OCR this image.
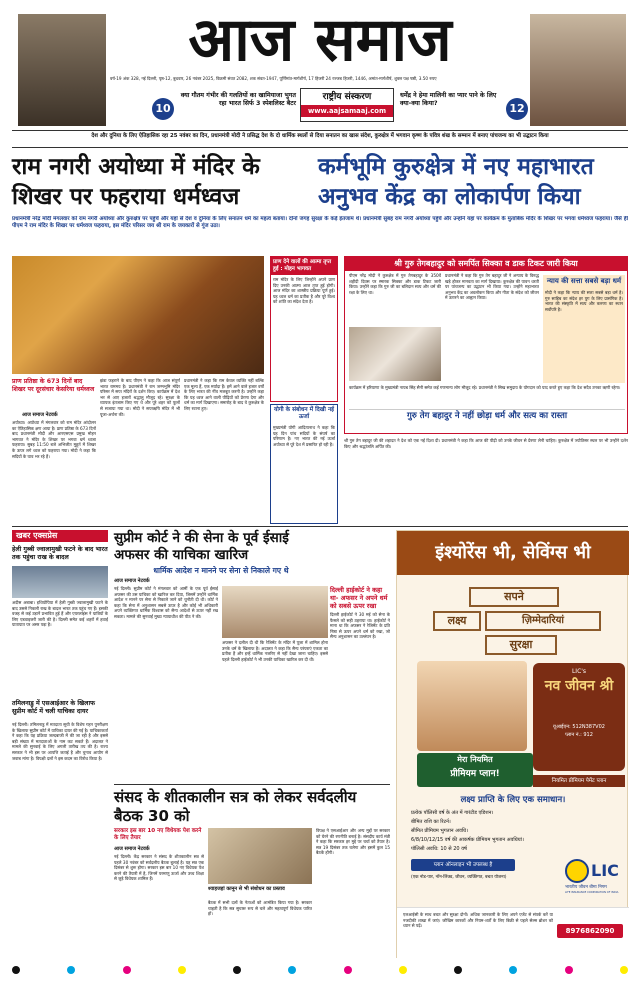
आज समाज
वर्ष-19 अंक 328, नई दिल्ली, पृष्ठ-12, बुधवार, 26 नवंबर 2025, विक्रमी संवत 2082, शक संवत-1947, पूर्णिमांत-मार्गशीर्ष, 17 हिजरी 24 रज्जब हिजरी, 1446, अमांत-मार्गशीर्ष, शुक्ल पक्ष षष्ठी, 3.50 रुपए
10
क्या गौतम गंभीर की गलतियों का खामियाजा भुगत रहा भारत सिर्फ 3 स्पेशलिस्ट बैटर
राष्ट्रीय संस्करण
www.aajsamaaj.com
धर्मेंद्र ने हेमा मालिनी का प्यार पाने के लिए क्या-क्या किया?	12
देश और दुनिया के लिए ऐतिहासिक रहा 25 नवंबर का दिन, प्रधानमंत्री मोदी ने प्रसिद्ध देश के दो धार्मिक स्थलों से दिया सनातन का खास संदेश, कुरुक्षेत्र में भगवान कृष्ण के पवित्र शंख के सम्मान में बनाए पांचजन्य का भी उद्घाटन किया
राम नगरी अयोध्या में मंदिर के शिखर पर फहराया धर्मध्वज
कर्मभूमि कुरुक्षेत्र में नए महाभारत अनुभव केंद्र का लोकार्पण किया
प्रधानमंत्री नरेंद्र मोदी मंगलवार को राम नगरी अयोध्या और कुरुक्षेत्र पर पहुंचे और यहां से देश व दुनिया के लिए सनातन धर्म का महत्व बताया। दोनों जगह सुरक्षा के कड़े इंतजाम थे। प्रधानमंत्री सुबह राम नगरी अयोध्या पहुंचे और उन्होंने यहां पर कार्यक्रम के मुताबिक मंदिर के शिखर पर भगवा धर्मध्वज फहराया। जैसे ही पीएम ने राम मंदिर के शिखर पर धर्मध्वज फहराया, इस मंदिर परिसर जय श्री राम के जयकारों से गूंज उठा।
प्राण प्रतिष्ठा के 673 दिनों बाद शिखर पर दूरसंचार केसरिया धर्मध्वज
आज समाज नेटवर्क
अयोध्या। अयोध्या में मंगलवार को राम मंदिर आंदोलन का ऐतिहासिक क्षण आया है। प्राण प्रतिष्ठा के 673 दिनों बाद प्रधानमंत्री मोदी और आरएसएस प्रमुख मोहन भागवत ने मंदिर के शिखर पर भगवा धर्म ध्वजा फहराया। सुबह 11:50 बजे अभिजीत मुहूर्त में शिखर के ऊपर लगे ध्वज को फहराया गया। मोदी ने कहा कि सदियों के घाव भर रहे हैं।
झंडा फहराने के बाद पीएम ने कहा कि आज संपूर्ण भारत राममय है। प्रधानमंत्री ने राम जन्मभूमि मंदिर परिसर में सप्त मंदिरों के दर्शन किए। कार्यक्रम में देश भर से आए हजारों श्रद्धालु मौजूद रहे। सुरक्षा के व्यापक इंतजाम किए गए थे और पूरे शहर को फूलों से सजाया गया था। मोदी ने सप्तऋषि मंदिर में भी पूजा-अर्चना की।
प्रधानमंत्री ने कहा कि राम केवल व्यक्ति नहीं बल्कि एक मूल्य हैं, एक मर्यादा हैं। हमें आने वाले हजार वर्षों के लिए भारत की नींव मजबूत करनी है। उन्होंने कहा कि यह ध्वज आने वाली पीढ़ियों को प्रेरणा देगा और धर्म का मार्ग दिखाएगा। समारोह के बाद वे कुरुक्षेत्र के लिए रवाना हुए।
प्राण देने वालों की आत्मा तृप्त हुई : मोहन भागवत
राम मंदिर के लिए जिन्होंने अपने प्राण दिए उनकी आत्मा आज तृप्त हुई होगी। आज मंदिर का शास्त्रीय प्रक्रिया पूर्ण हुई। यह ध्वज धर्म का प्रतीक है और पूरे विश्व को शांति का संदेश देता है।
योगी के संबोधन में दिखी नई ऊर्जा
मुख्यमंत्री योगी आदित्यनाथ ने कहा कि यह दिन पांच सदियों के संघर्ष का परिणाम है। नए भारत की नई ऊर्जा अयोध्या से पूरे देश में प्रसारित हो रही है।
श्री गुरु तेगबहादुर को समर्पित सिक्का व डाक टिकट जारी किया
पीएम नरेंद्र मोदी ने कुरुक्षेत्र में गुरु तेगबहादुर के 350वें शहीदी दिवस पर स्मारक सिक्का और डाक टिकट जारी किया। उन्होंने कहा कि गुरु जी का बलिदान सत्य और धर्म की रक्षा के लिए था।
प्रधानमंत्री ने कहा कि गुरु तेग बहादुर जी ने अन्याय के विरुद्ध खड़े होकर मानवता का मार्ग दिखाया। कुरुक्षेत्र की पावन धरती पर पांचजन्य का उद्घाटन भी किया गया। उन्होंने महाभारत अनुभव केंद्र का अवलोकन किया और गीता के संदेश को जीवन में उतारने का आह्वान किया।
न्याय की सत्ता सबसे बड़ा धर्म
मोदी ने कहा कि न्याय की सत्ता सबसे बड़ा धर्म है। गुरु साहिब का संदेश हर युग के लिए प्रासंगिक है। भारत की संस्कृति में सत्य और करुणा का स्थान सर्वोपरि है।
कार्यक्रम में हरियाणा के मुख्यमंत्री नायब सिंह सैनी समेत कई गणमान्य लोग मौजूद रहे। प्रधानमंत्री ने सिख समुदाय के योगदान को याद करते हुए कहा कि देश सदैव उनका ऋणी रहेगा।
गुरु तेग बहादुर ने नहीं छोड़ा धर्म और सत्य का रास्ता
श्री गुरु तेग बहादुर जी की शहादत ने देश को एक नई दिशा दी। प्रधानमंत्री ने कहा कि आज की पीढ़ी को उनके जीवन से प्रेरणा लेनी चाहिए। कुरुक्षेत्र में ज्योतिसर स्थल पर भी उन्होंने दर्शन किए और श्रद्धांजलि अर्पित की।
खबर एक्सप्रेस
हेली गुब्बी ज्वालामुखी फटने के बाद भारत तक पहुंचा राख के बादल
अदीस अबाबा। इथियोपिया में हेली गुब्बी ज्वालामुखी फटने के बाद उससे निकली राख के बादल भारत तक पहुंच गए हैं। इसकी वजह से कई उड़ानें प्रभावित हुई हैं और एयरलाइंस ने यात्रियों के लिए एडवाइजरी जारी की है। दिल्ली समेत कई शहरों में हवाई यातायात पर असर पड़ा है।
तमिलनाडु में एसआईआर के खिलाफ सुप्रीम कोर्ट में चली याचिका दायर
नई दिल्ली। तमिलनाडु में मतदाता सूची के विशेष गहन पुनरीक्षण के खिलाफ सुप्रीम कोर्ट में याचिका दायर की गई है। याचिकाकर्ता ने कहा कि यह प्रक्रिया जल्दबाजी में की जा रही है और इससे बड़ी संख्या में मतदाताओं के नाम कट सकते हैं। अदालत ने मामले की सुनवाई के लिए अगली तारीख तय की है। राज्य सरकार ने भी इस पर आपत्ति जताई है और चुनाव आयोग से जवाब मांगा है। विपक्षी दलों ने इस कदम का विरोध किया है।
सुप्रीम कोर्ट ने की सेना के पूर्व ईसाई अफसर की याचिका खारिज
धार्मिक आदेश न मानने पर सेना से निकाले गए थे
आज समाज नेटवर्क
नई दिल्ली। सुप्रीम कोर्ट ने मंगलवार को आर्मी के एक पूर्व ईसाई अफसर की उस याचिका को खारिज कर दिया, जिसमें उन्होंने धार्मिक आदेश न मानने पर सेना से निकाले जाने को चुनौती दी थी। कोर्ट ने कहा कि सेना में अनुशासन सबसे ऊपर है और कोई भी अधिकारी अपने व्यक्तिगत धार्मिक विश्वास को सैन्य आदेशों से ऊपर नहीं रख सकता। मामले की सुनवाई मुख्य न्यायाधीश की पीठ ने की।
अफसर ने दलील दी थी कि रेजिमेंट के मंदिर में पूजा में शामिल होना उनके धर्म के खिलाफ है। अदालत ने कहा कि सैन्य परंपराएं एकता का प्रतीक हैं और इन्हें धार्मिक नजरिए से नहीं देखा जाना चाहिए। इससे पहले दिल्ली हाईकोर्ट ने भी उनकी याचिका खारिज कर दी थी।
दिल्ली हाईकोर्ट ने कहा था- अफसर ने अपने धर्म को सबसे ऊपर रखा
दिल्ली हाईकोर्ट ने 30 मई को सेना के फैसले को सही ठहराया था। हाईकोर्ट ने माना था कि अफसर ने रेजिमेंट के प्रति निष्ठा से ऊपर अपने धर्म को रखा, जो सैन्य अनुशासन का उल्लंघन है।
संसद के शीतकालीन सत्र को लेकर सर्वदलीय बैठक 30 को
सरकार इस बार 10 नए विधेयक पेश करने के लिए तैयार
आज समाज नेटवर्क
नई दिल्ली। केंद्र सरकार ने संसद के शीतकालीन सत्र से पहले 30 नवंबर को सर्वदलीय बैठक बुलाई है। यह सत्र एक दिसंबर से शुरू होगा। सरकार इस बार 10 नए विधेयक पेश करने की तैयारी में है, जिनमें परमाणु ऊर्जा और उच्च शिक्षा से जुड़े विधेयक शामिल हैं।
श्याहजहां कानून से भी संशोधन का प्रस्ताव
बैठक में सभी दलों के नेताओं को आमंत्रित किया गया है। सरकार चाहती है कि सत्र सुचारू रूप से चले और महत्वपूर्ण विधेयक पारित हों।
विपक्ष ने एसआईआर और अन्य मुद्दों पर सरकार को घेरने की रणनीति बनाई है। संसदीय कार्य मंत्री ने कहा कि सरकार हर मुद्दे पर चर्चा को तैयार है। सत्र 19 दिसंबर तक चलेगा और इसमें कुल 15 बैठकें होंगी।
इंश्योरेंस भी, सेविंग्स भी
सपने
लक्ष्य	ज़िम्मेदारियां
सुरक्षा
LIC's
नव जीवन श्री
यूआईएन: 512N387V02
प्लान नं.: 912
मेरा नियमित
प्रीमियम प्लान!
नियमित प्रीमियम पेमेंट प्लान
लक्ष्य प्राप्ति के लिए एक समाधान।
प्रत्येक पॉलिसी वर्ष के अंत में गारंटीड एडिशन।
बीमित राशि का रिटर्न।
सीमित प्रीमियम भुगतान अवधि।
6/8/10/12/15 वर्ष की आकर्षक प्रीमियम भुगतान अवधियां।
पॉलिसी अवधि: 10 से 20 वर्ष
प्लान ऑनलाइन भी उपलब्ध है
(एक नोड-पार, नॉन-लिंक्ड, जीवन, व्यक्तिगत, बचत योजना)	LIC
भारतीय जीवन बीमा निगम
LIFE INSURANCE CORPORATION OF INDIA
एलआईसी के साथ बचत और सुरक्षा दोनों। अधिक जानकारी के लिए अपने एजेंट से संपर्क करें या नजदीकी शाखा में जाएं। जोखिम कारकों और नियम-शर्तों के लिए बिक्री से पहले सेल्स ब्रोशर को ध्यान से पढ़ें।
8976862090
